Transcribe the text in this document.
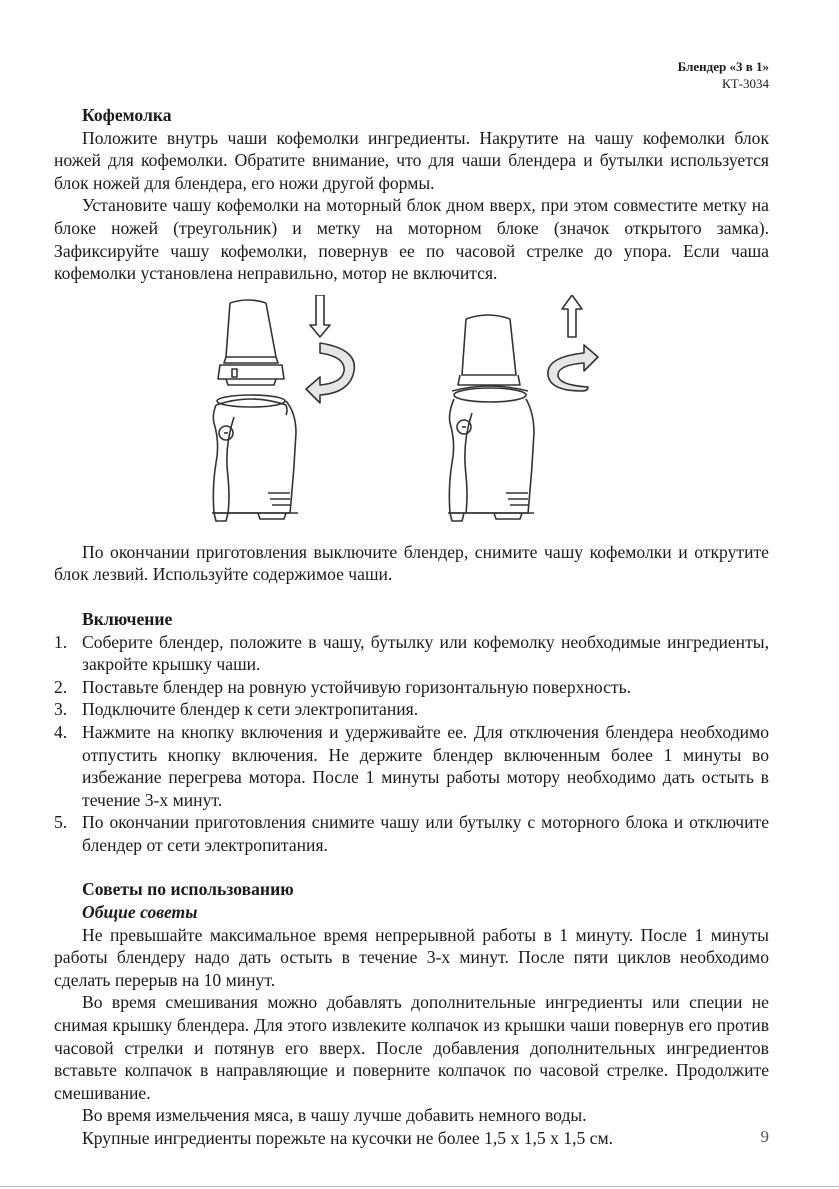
Блендер «3 в 1»
КТ-3034
Кофемолка

Положите внутрь чаши кофемолки ингредиенты. Накрутите на чашу кофемолки блок ножей для кофемолки. Обратите внимание, что для чаши блендера и бутылки используется блок ножей для блендера, его ножи другой формы.

Установите чашу кофемолки на моторный блок дном вверх, при этом совместите метку на блоке ножей (треугольник) и метку на моторном блоке (значок открытого замка). Зафиксируйте чашу кофемолки, повернув ее по часовой стрелке до упора. Если чаша кофемолки установлена неправильно, мотор не включится.

По окончании приготовления выключите блендер, снимите чашу кофемолки и открутите блок лезвий. Используйте содержимое чаши.

Включение
1. Соберите блендер, положите в чашу, бутылку или кофемолку необходимые ингредиенты, закройте крышку чаши.
2. Поставьте блендер на ровную устойчивую горизонтальную поверхность.
3. Подключите блендер к сети электропитания.
4. Нажмите на кнопку включения и удерживайте ее. Для отключения блендера необходимо отпустить кнопку включения. Не держите блендер включенным более 1 минуты во избежание перегрева мотора. После 1 минуты работы мотору необходимо дать остыть в течение 3-х минут.
5. По окончании приготовления снимите чашу или бутылку с моторного блока и отключите блендер от сети электропитания.
Советы по использованию
Общие советы

Не превышайте максимальное время непрерывной работы в 1 минуту. После 1 минуты работы блендеру надо дать остыть в течение 3-х минут. После пяти циклов необходимо сделать перерыв на 10 минут.

Во время смешивания можно добавлять дополнительные ингредиенты или специи не снимая крышку блендера. Для этого извлеките колпачок из крышки чаши повернув его против часовой стрелки и потянув его вверх. После добавления дополнительных ингредиентов вставьте колпачок в направляющие и поверните колпачок по часовой стрелке. Продолжите смешивание.

Во время измельчения мяса, в чашу лучше добавить немного воды.

Крупные ингредиенты порежьте на кусочки не более 1,5 х 1,5 х 1,5 см.	9
